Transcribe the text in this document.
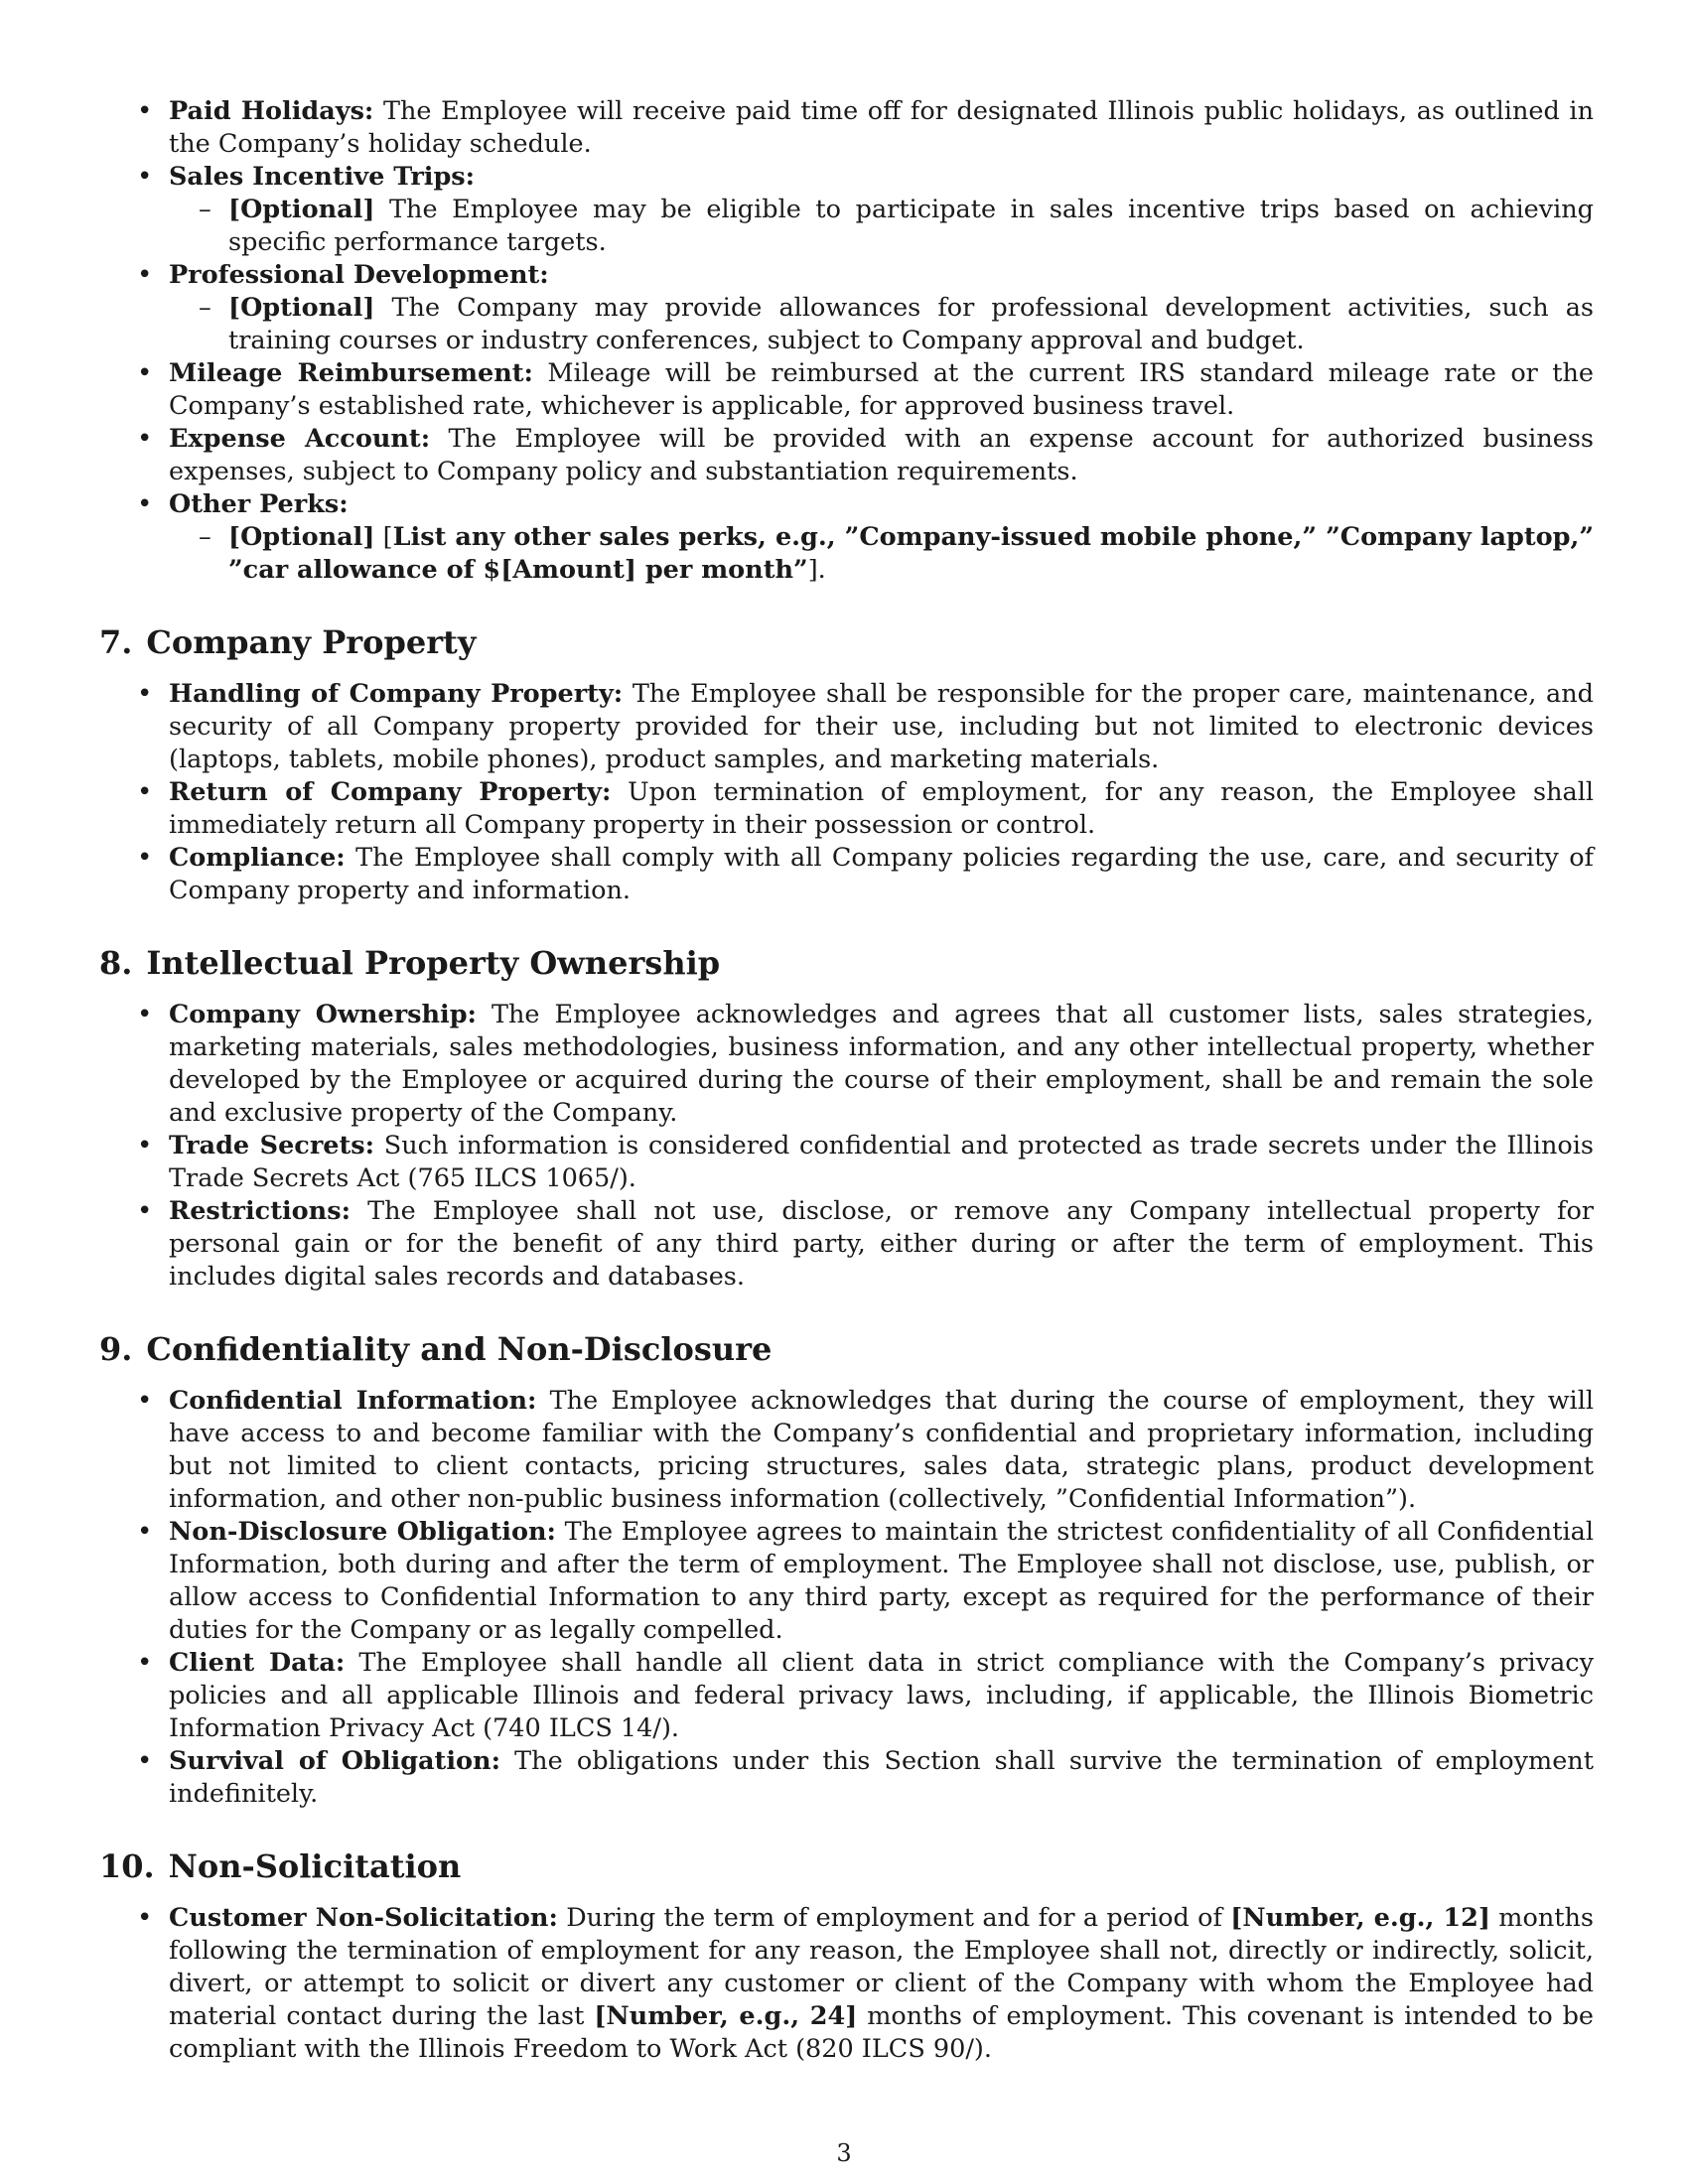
• Paid Holidays: The Employee will receive paid time off for designated Illinois public holidays, as outlined in the Company’s holiday schedule.
• Sales Incentive Trips:
– [Optional] The Employee may be eligible to participate in sales incentive trips based on achieving specific performance targets.
• Professional Development:
– [Optional] The Company may provide allowances for professional development activities, such as training courses or industry conferences, subject to Company approval and budget.
• Mileage Reimbursement: Mileage will be reimbursed at the current IRS standard mileage rate or the Company’s established rate, whichever is applicable, for approved business travel.
• Expense Account: The Employee will be provided with an expense account for authorized business expenses, subject to Company policy and substantiation requirements.
• Other Perks:
– [Optional] [List any other sales perks, e.g., ”Company-issued mobile phone,” ”Company laptop,” ”car allowance of $[Amount] per month”].
7. Company Property
• Handling of Company Property: The Employee shall be responsible for the proper care, maintenance, and security of all Company property provided for their use, including but not limited to electronic devices (laptops, tablets, mobile phones), product samples, and marketing materials.
• Return of Company Property: Upon termination of employment, for any reason, the Employee shall immediately return all Company property in their possession or control.
• Compliance: The Employee shall comply with all Company policies regarding the use, care, and security of Company property and information.
8. Intellectual Property Ownership
• Company Ownership: The Employee acknowledges and agrees that all customer lists, sales strategies, marketing materials, sales methodologies, business information, and any other intellectual property, whether developed by the Employee or acquired during the course of their employment, shall be and remain the sole and exclusive property of the Company.
• Trade Secrets: Such information is considered confidential and protected as trade secrets under the Illinois Trade Secrets Act (765 ILCS 1065/).
• Restrictions: The Employee shall not use, disclose, or remove any Company intellectual property for personal gain or for the benefit of any third party, either during or after the term of employment. This includes digital sales records and databases.
9. Confidentiality and Non-Disclosure
• Confidential Information: The Employee acknowledges that during the course of employment, they will have access to and become familiar with the Company’s confidential and proprietary information, including but not limited to client contacts, pricing structures, sales data, strategic plans, product development information, and other non-public business information (collectively, ”Confidential Information”).
• Non-Disclosure Obligation: The Employee agrees to maintain the strictest confidentiality of all Confidential Information, both during and after the term of employment. The Employee shall not disclose, use, publish, or allow access to Confidential Information to any third party, except as required for the performance of their duties for the Company or as legally compelled.
• Client Data: The Employee shall handle all client data in strict compliance with the Company’s privacy policies and all applicable Illinois and federal privacy laws, including, if applicable, the Illinois Biometric Information Privacy Act (740 ILCS 14/).
• Survival of Obligation: The obligations under this Section shall survive the termination of employment indefinitely.
10. Non-Solicitation
• Customer Non-Solicitation: During the term of employment and for a period of [Number, e.g., 12] months following the termination of employment for any reason, the Employee shall not, directly or indirectly, solicit, divert, or attempt to solicit or divert any customer or client of the Company with whom the Employee had material contact during the last [Number, e.g., 24] months of employment. This covenant is intended to be compliant with the Illinois Freedom to Work Act (820 ILCS 90/).
3
